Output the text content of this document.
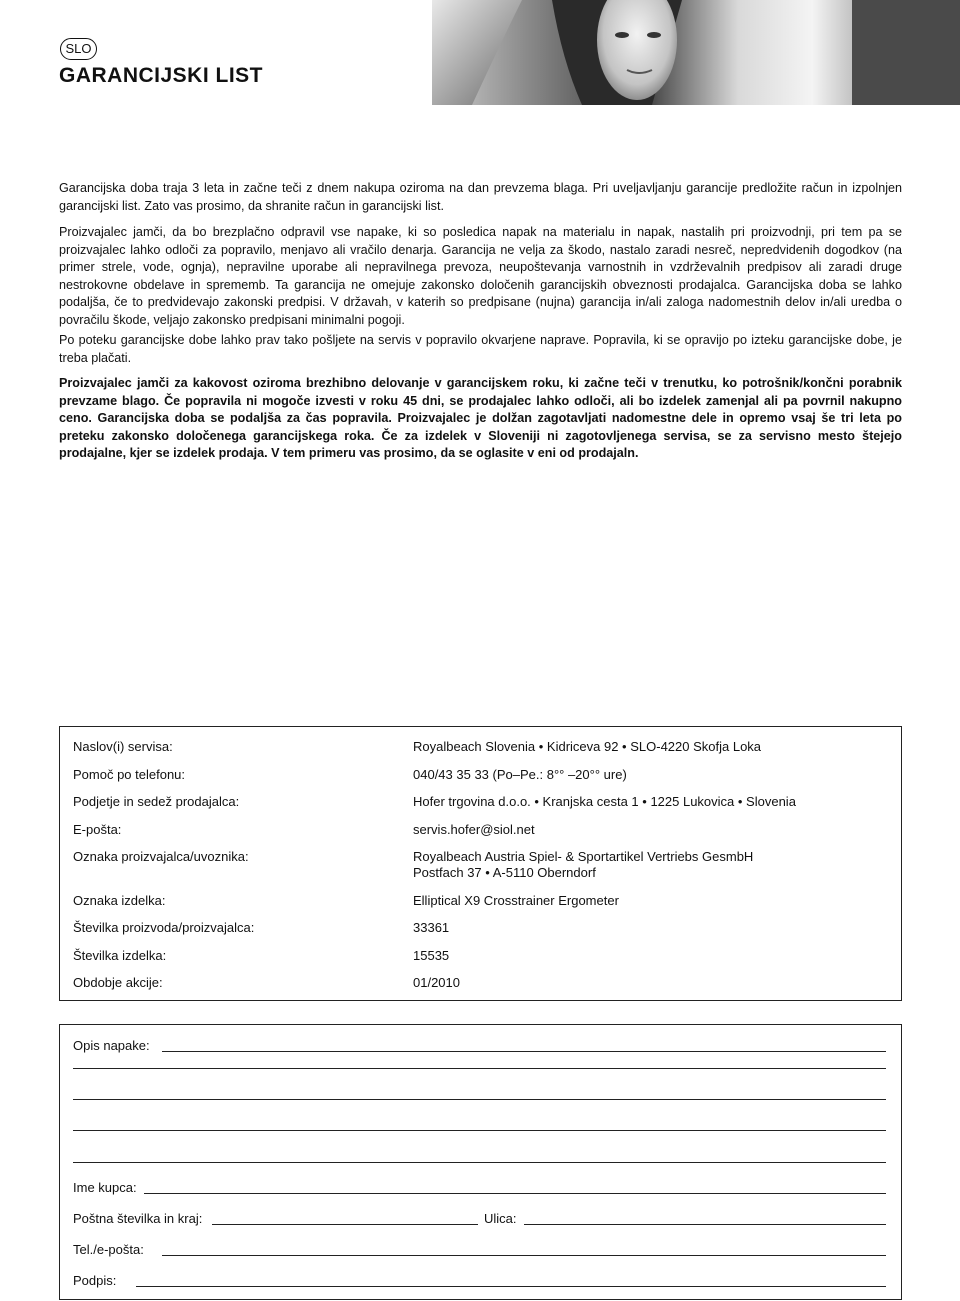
SLO
GARANCIJSKI LIST

Garancijska doba traja 3 leta in začne teči z dnem nakupa oziroma na dan prevzema blaga. Pri uveljavljanju garancije predložite račun in izpolnjen garancijski list. Zato vas prosimo, da shranite račun in garancijski list.

Proizvajalec jamči, da bo brezplačno odpravil vse napake, ki so posledica napak na materialu in napak, nastalih pri proizvodnji, pri tem pa se proizvajalec lahko odloči za popravilo, menjavo ali vračilo denarja. Garancija ne velja za škodo, nastalo zaradi nesreč, nepredvidenih dogodkov (na primer strele, vode, ognja), nepravilne uporabe ali nepravilnega prevoza, neupoštevanja varnostnih in vzdrževalnih predpisov ali zaradi druge nestrokovne obdelave in sprememb. Ta garancija ne omejuje zakonsko določenih garancijskih obveznosti prodajalca. Garancijska doba se lahko podaljša, če to predvidevajo zakonski predpisi. V državah, v katerih so predpisane (nujna) garancija in/ali zaloga nadomestnih delov in/ali uredba o povračilu škode, veljajo zakonsko predpisani minimalni pogoji.

Po poteku garancijske dobe lahko prav tako pošljete na servis v popravilo okvarjene naprave. Popravila, ki se opravijo po izteku garancijske dobe, je treba plačati.

Proizvajalec jamči za kakovost oziroma brezhibno delovanje v garancijskem roku, ki začne teči v trenutku, ko potrošnik/končni porabnik prevzame blago. Če popravila ni mogoče izvesti v roku 45 dni, se prodajalec lahko odloči, ali bo izdelek zamenjal ali pa povrnil nakupno ceno. Garancijska doba se podaljša za čas popravila. Proizvajalec je dolžan zagotavljati nadomestne dele in opremo vsaj še tri leta po preteku zakonsko določenega garancijskega roka. Če za izdelek v Sloveniji ni zagotovljenega servisa, se za servisno mesto štejejo prodajalne, kjer se izdelek prodaja. V tem primeru vas prosimo, da se oglasite v eni od prodajaln.

Naslov(i) servisa:	Royalbeach Slovenia • Kidriceva 92 • SLO-4220 Skofja Loka
Pomoč po telefonu:	040/43 35 33 (Po–Pe.: 8°° –20°° ure)
Podjetje in sedež prodajalca:	Hofer trgovina d.o.o. • Kranjska cesta 1 • 1225 Lukovica • Slovenia
E-pošta:	servis.hofer@siol.net
Oznaka proizvajalca/uvoznika:	Royalbeach Austria Spiel- & Sportartikel Vertriebs GesmbH
Postfach 37 • A-5110 Oberndorf
Oznaka izdelka:	Elliptical X9 Crosstrainer Ergometer
Številka proizvoda/proizvajalca:	33361
Številka izdelka:	15535
Obdobje akcije:	01/2010
Opis napake:
Ime kupca:
Poštna številka in kraj:	Ulica:
Tel./e-pošta:
Podpis:
